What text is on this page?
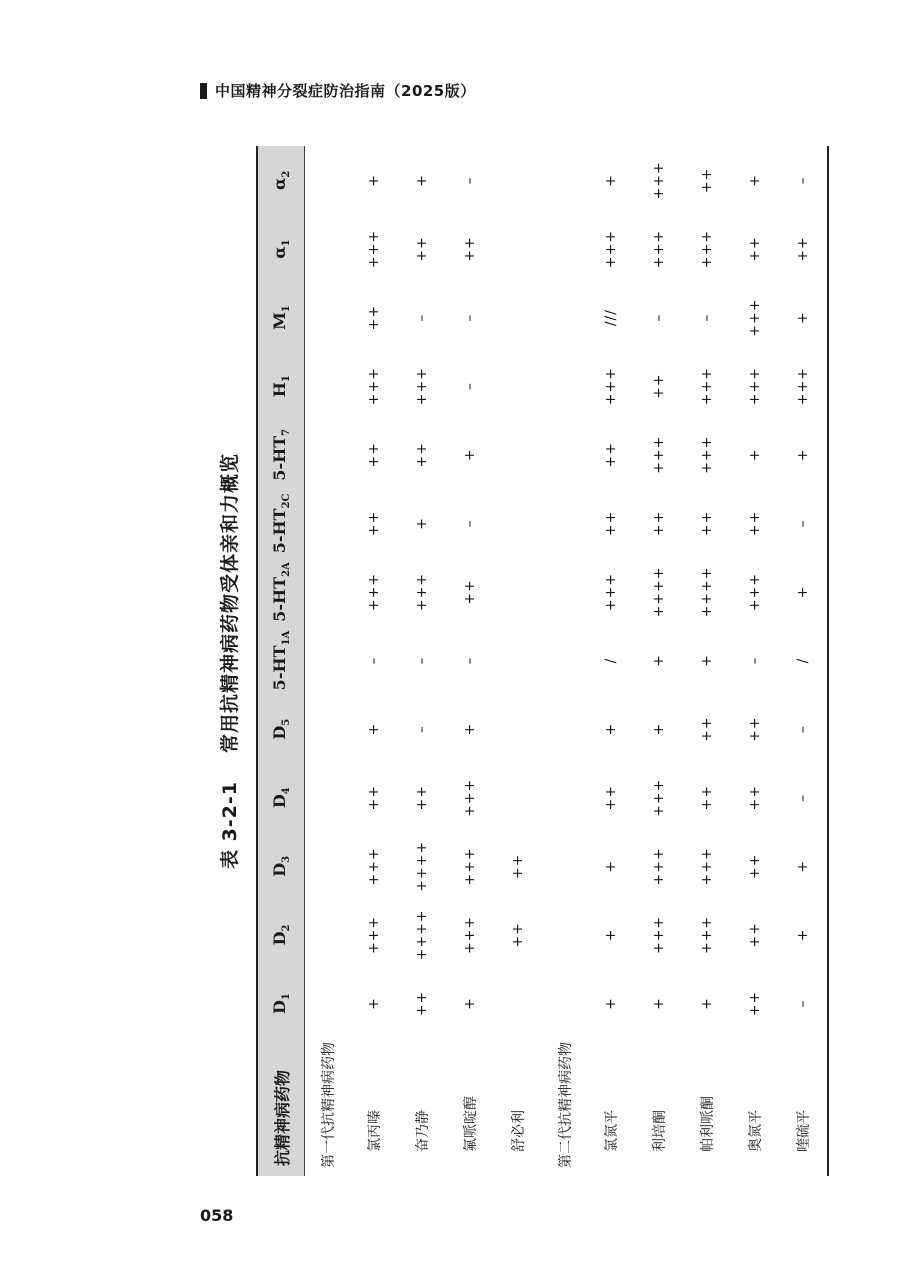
中国精神分裂症防治指南（2025版）
表 3-2-1
常用抗精神病药物受体亲和力概览
抗精神病药物	$D_1$	$D_2$	$D_3$	$D_4$	$D_5$	$5-HT_{1A}$	$5-HT_{2A}$	$5-HT_{2C}$	$5-HT_7$	$H_1$	$M_1$	$\alpha_1$	$\alpha_2$
第一代抗精神病药物													
氯丙嗪	+	+++	+++	++	+	–	+++	++	++	+++	++	+++	+
奋乃静	++	++++	++++	++	–	–	+++	+	++	+++	–	++	+
氟哌啶醇	+	+++	+++	+++	+	–	++	–	+	–	–	++	–
舒必利		++	++										
第二代抗精神病药物													
氯氮平	+	+	+	++	+	/	+++	++	++	+++	///	+++	+
利培酮	+	+++	+++	+++	+	+	++++	++	+++	++	–	+++	+++
帕利哌酮	+	+++	+++	++	++	+	++++	++	+++	+++	–	+++	++
奥氮平	++	++	++	++	++	–	+++	++	+	+++	+++	++	+
喹硫平	–	+	+	–	–	/	+	–	+	+++	+	++	–
058
